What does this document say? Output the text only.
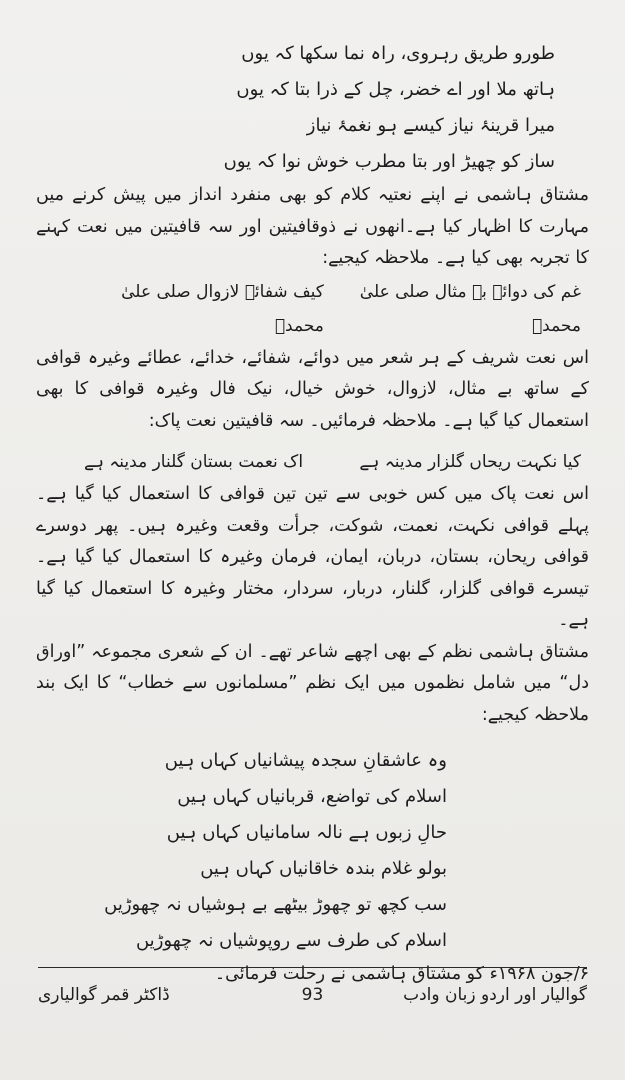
طورو طریق رہروی، راہ نما سکھا کہ یوں
ہاتھ ملا اور اے خضر، چل کے ذرا بتا کہ یوں
میرا قرینۂ نیاز کیسے ہو نغمۂ نیاز
ساز کو چھیڑ اور بتا مطرب خوش نوا کہ یوں

مشتاق ہاشمی نے اپنے نعتیہ کلام کو بھی منفرد انداز میں پیش کرنے میں مہارت کا اظہار کیا ہے۔انھوں نے ذوقافیتین اور سہ قافیتین میں نعت کہنے کا تجربہ بھی کیا ہے۔ ملاحظہ کیجیے:

غم کی دوائے بے مثال صلی علیٰ محمدؐ
کیف شفائے لازوال صلی علیٰ محمدؐ

اس نعت شریف کے ہر شعر میں دوائے، شفائے، خدائے، عطائے وغیرہ قوافی کے ساتھ بے مثال، لازوال، خوش خیال، نیک فال وغیرہ قوافی کا بھی استعمال کیا گیا ہے۔ ملاحظہ فرمائیں۔ سہ قافیتین نعت پاک:

کیا نکہت ریحاں گلزار مدینہ ہے
اک نعمت بستان گلنار مدینہ ہے

اس نعت پاک میں کس خوبی سے تین تین قوافی کا استعمال کیا گیا ہے۔ پہلے قوافی نکہت، نعمت، شوکت، جرأت وقعت وغیرہ ہیں۔ پھر دوسرے قوافی ریحان، بستان، دربان، ایمان، فرمان وغیرہ کا استعمال کیا گیا ہے۔ تیسرے قوافی گلزار، گلنار، دربار، سردار، مختار وغیرہ کا استعمال کیا گیا ہے۔

مشتاق ہاشمی نظم کے بھی اچھے شاعر تھے۔ ان کے شعری مجموعہ ”اوراق دل“ میں شامل نظموں میں ایک نظم ”مسلمانوں سے خطاب“ کا ایک بند ملاحظہ کیجیے:

وہ عاشقانِ سجدہ پیشانیاں کہاں ہیں
اسلام کی تواضع، قربانیاں کہاں ہیں
حالِ زبوں ہے نالہ سامانیاں کہاں ہیں
بولو غلام بندہ خاقانیاں کہاں ہیں
سب کچھ تو چھوڑ بیٹھے بے ہوشیاں نہ چھوڑیں
اسلام کی طرف سے روپوشیاں نہ چھوڑیں

۶/جون ۱۹۶۸ء کو مشتاق ہاشمی نے رحلت فرمائی۔

ڈاکٹر قمر گوالیاری	93	گوالیار اور اردو زبان وادب
